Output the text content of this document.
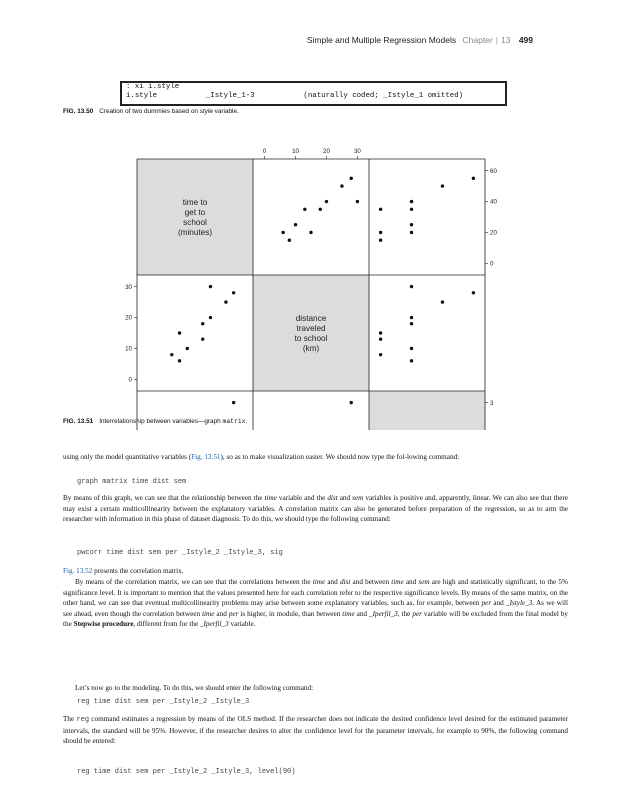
Simple and Multiple Regression Models Chapter | 13 499
: xi i.style
i.style           _Istyle_1-3           (naturally coded; _Istyle_1 omitted)
FIG. 13.50 Creation of two dummies based on style variable.
time to
get to
school
(minutes)
distance
traveled
to school
(km)
0	10	20	30
0
10
20
30
0
20
40
60
3
FIG. 13.51 Interrelationship between variables—graph matrix.
using only the model quantitative variables (Fig. 13.51), so as to make visualization easier. We should now type the fol-lowing command:
graph matrix time dist sem
By means of this graph, we can see that the relationship between the time variable and the dist and sem variables is positive and, apparently, linear. We can also see that there may exist a certain multicollinearity between the explanatory variables. A correlation matrix can also be generated before preparation of the regression, so as to arm the researcher with information in this phase of dataset diagnosis. To do this, we should type the following command:
pwcorr time dist sem per _Istyle_2 _Istyle_3, sig
Fig. 13.52 presents the correlation matrix.
By means of the correlation matrix, we can see that the correlations between the time and dist and between time and sem are high and statistically significant, to the 5% significance level. It is important to mention that the values presented here for each correlation refer to the respective significance levels. By means of the same matrix, on the other hand, we can see that eventual multicollinearity problems may arise between some explanatory variables, such as, for example, between per and _Istyle_3. As we will see ahead, even though the correlation between time and per is higher, in module, than between time and _Iperfil_3, the per variable will be excluded from the final model by the Stepwise procedure, different from for the _Iperfil_3 variable.
Let’s now go to the modeling. To do this, we should enter the following command:
reg time dist sem per _Istyle_2 _Istyle_3
The reg command estimates a regression by means of the OLS method. If the researcher does not indicate the desired confidence level desired for the estimated parameter intervals, the standard will be 95%. However, if the researcher desires to alter the confidence level for the parameter intervals, for example to 90%, the following command should be entered:
reg time dist sem per _Istyle_2 _Istyle_3, level(90)
